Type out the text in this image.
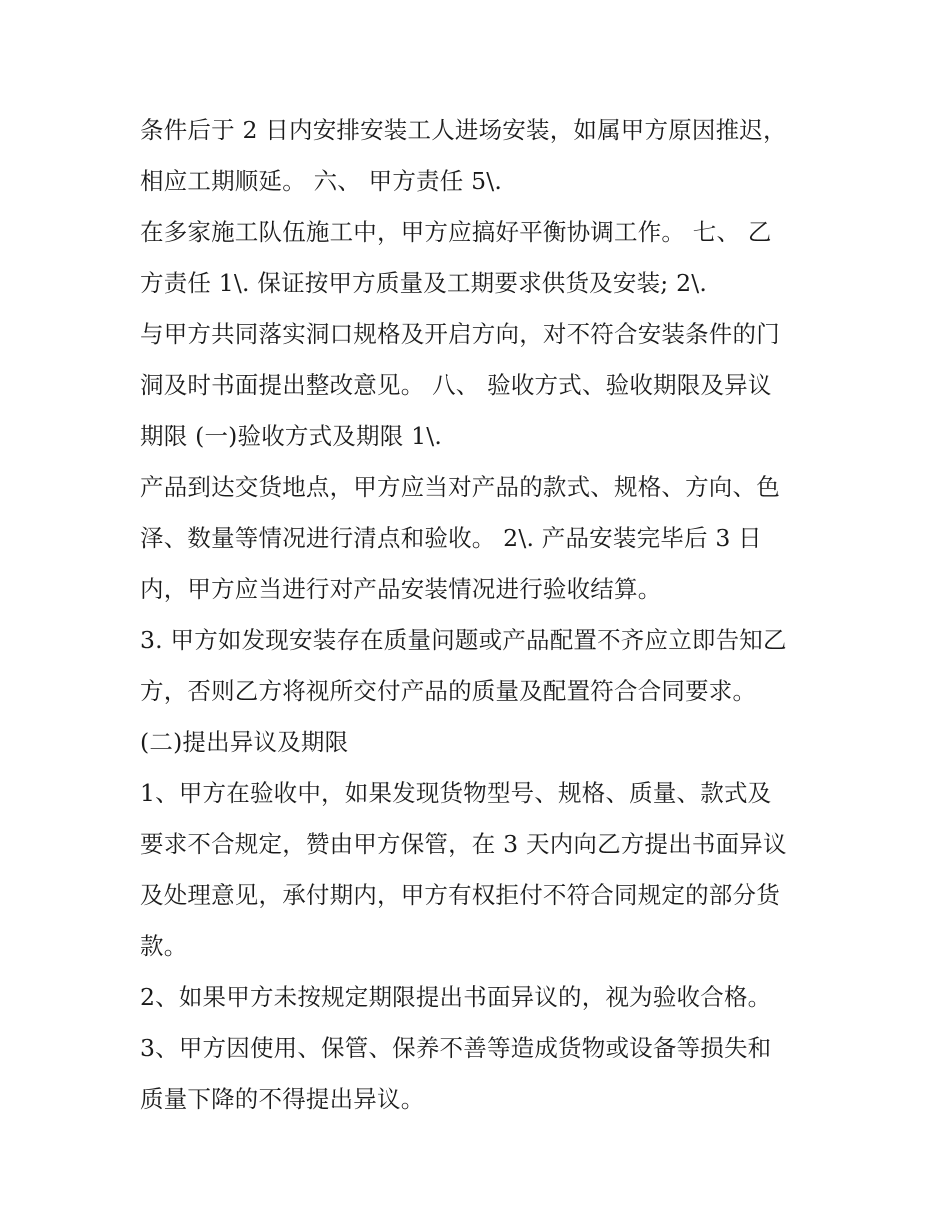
条件后于 2 日内安排安装工人进场安装，如属甲方原因推迟，
相应工期顺延。 六、 甲方责任 5\.
在多家施工队伍施工中，甲方应搞好平衡协调工作。 七、 乙
方责任 1\. 保证按甲方质量及工期要求供货及安装; 2\.
与甲方共同落实洞口规格及开启方向，对不符合安装条件的门
洞及时书面提出整改意见。 八、 验收方式、验收期限及异议
期限 (一)验收方式及期限 1\.
产品到达交货地点，甲方应当对产品的款式、规格、方向、色
泽、数量等情况进行清点和验收。 2\. 产品安装完毕后 3 日
内，甲方应当进行对产品安装情况进行验收结算。
3. 甲方如发现安装存在质量问题或产品配置不齐应立即告知乙
方，否则乙方将视所交付产品的质量及配置符合合同要求。
(二)提出异议及期限
1、甲方在验收中，如果发现货物型号、规格、质量、款式及
要求不合规定，赞由甲方保管，在 3 天内向乙方提出书面异议
及处理意见，承付期内，甲方有权拒付不符合同规定的部分货
款。
2、如果甲方未按规定期限提出书面异议的，视为验收合格。
3、甲方因使用、保管、保养不善等造成货物或设备等损失和
质量下降的不得提出异议。
